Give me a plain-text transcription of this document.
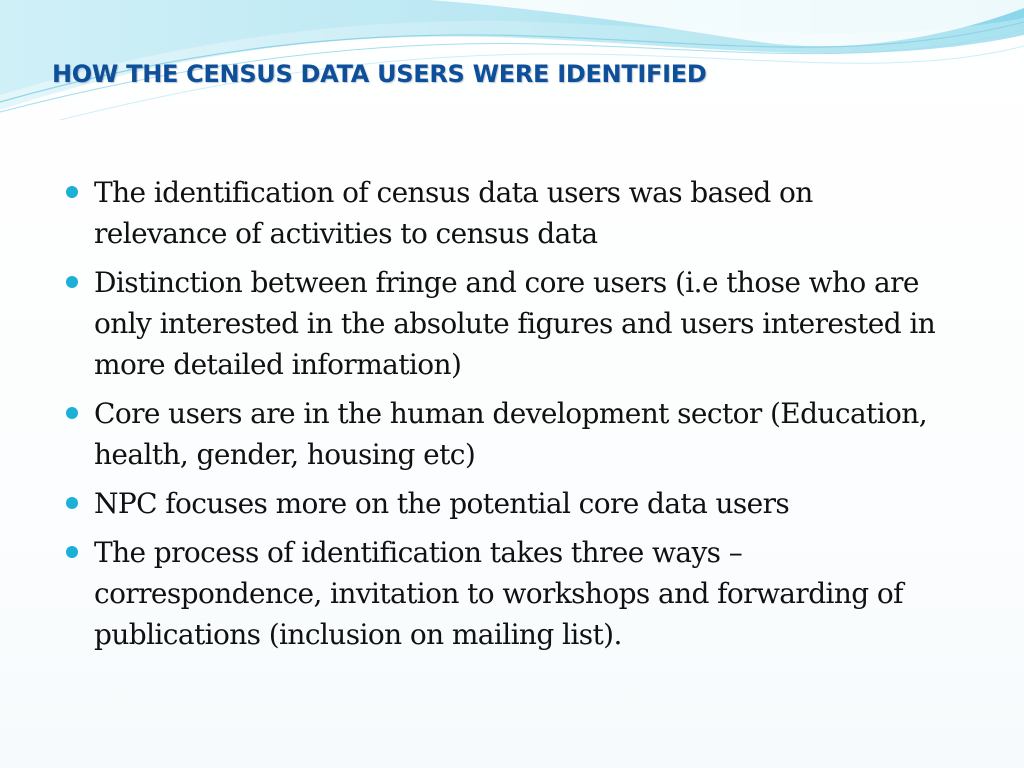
HOW THE CENSUS DATA USERS WERE IDENTIFIED
The identification of census data users was based on relevance of activities to census data
Distinction between fringe and core users (i.e those who are only interested in the absolute figures and users interested in more detailed information)
Core users are in the human development sector (Education, health, gender, housing etc)
NPC focuses more on the potential core data users
The process of identification takes three ways – correspondence, invitation to workshops and forwarding of publications (inclusion on mailing list).
